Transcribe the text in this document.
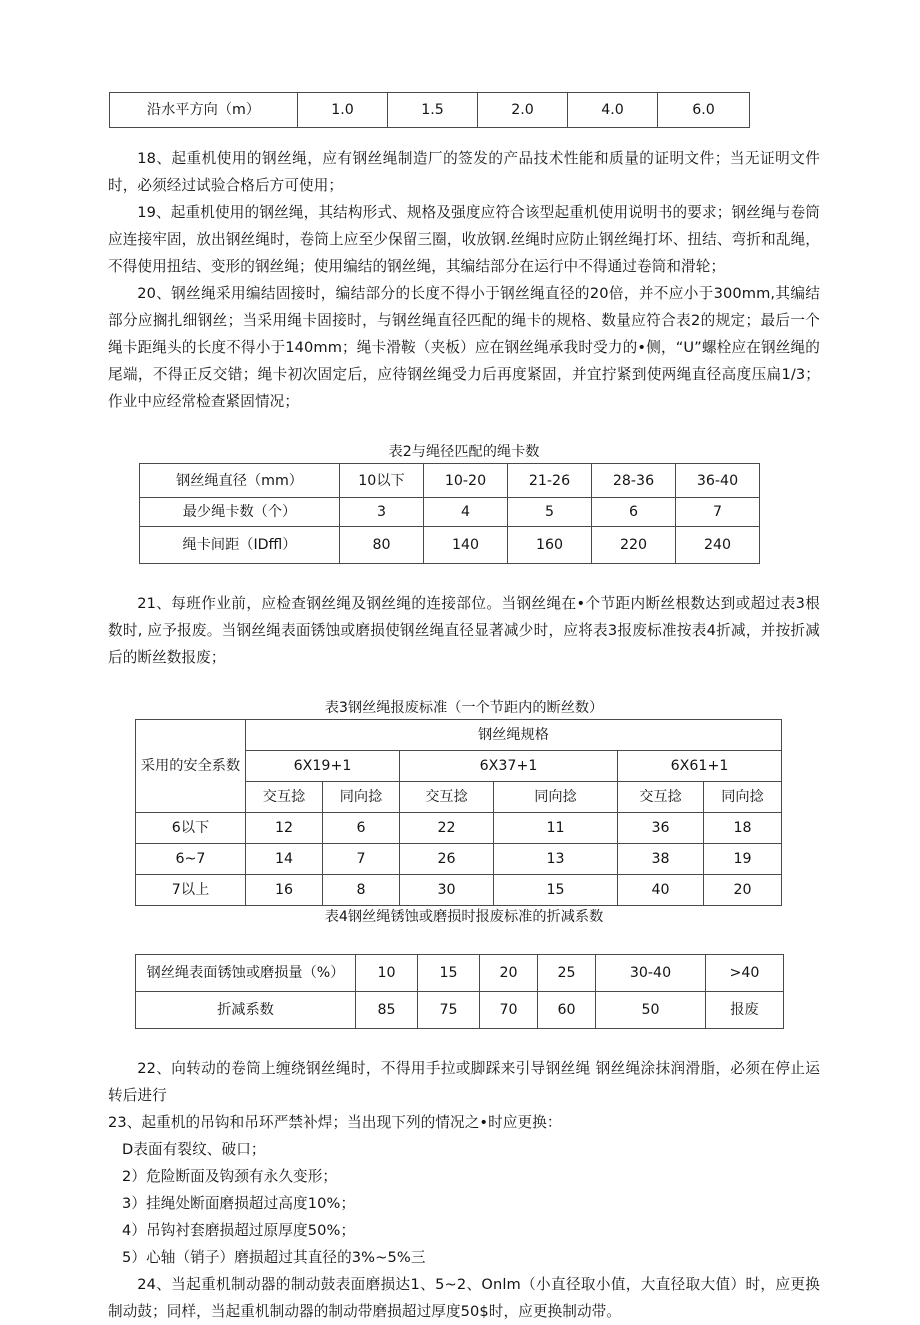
沿水平方向（m）	1.0	1.5	2.0	4.0	6.0

18、起重机使用的钢丝绳，应有钢丝绳制造厂的签发的产品技术性能和质量的证明文件；当无证明文件时，必须经过试验合格后方可使用；

19、起重机使用的钢丝绳，其结构形式、规格及强度应符合该型起重机使用说明书的要求；钢丝绳与卷筒应连接牢固，放出钢丝绳时，卷筒上应至少保留三圈，收放钢.丝绳时应防止钢丝绳打坏、扭结、弯折和乱绳，不得使用扭结、变形的钢丝绳；使用编结的钢丝绳，其编结部分在运行中不得通过卷筒和滑轮；

20、钢丝绳采用编结固接时，编结部分的长度不得小于钢丝绳直径的20倍，并不应小于300mm,其编结部分应搁扎细钢丝；当采用绳卡固接时，与钢丝绳直径匹配的绳卡的规格、数量应符合表2的规定；最后一个绳卡距绳头的长度不得小于140mm；绳卡滑鞍（夹板）应在钢丝绳承我时受力的•侧，“U”螺栓应在钢丝绳的尾端，不得正反交错；绳卡初次固定后，应待钢丝绳受力后再度紧固，并宜拧紧到使两绳直径高度压扁1/3；作业中应经常检查紧固情况；

表2与绳径匹配的绳卡数

钢丝绳直径（mm）	10以下	10-20	21-26	28-36	36-40
最少绳卡数（个）	3	4	5	6	7
绳卡间距（IDffl）	80	140	160	220	240

21、每班作业前，应检查钢丝绳及钢丝绳的连接部位。当钢丝绳在•个节距内断丝根数达到或超过表3根数时, 应予报废。当钢丝绳表面锈蚀或磨损使钢丝绳直径显著减少时，应将表3报废标准按表4折减，并按折减后的断丝数报废；

表3钢丝绳报废标准（一个节距内的断丝数）

采用的安全系数	钢丝绳规格					
	6X19+1		6X37+1		6X61+1	
	交互捻	同向捻	交互捻	同向捻	交互捻	同向捻
6以下	12	6	22	11	36	18
6~7	14	7	26	13	38	19
7以上	16	8	30	15	40	20

表4钢丝绳锈蚀或磨损时报废标准的折减系数

钢丝绳表面锈蚀或磨损量（%）	10	15	20	25	30-40	>40
折减系数	85	75	70	60	50	报废

22、向转动的卷筒上缠绕钢丝绳时，不得用手拉或脚踩来引导钢丝绳 钢丝绳涂抹润滑脂，必须在停止运转后进行

23、起重机的吊钩和吊环严禁补焊；当出现下列的情况之•时应更换：

D表面有裂纹、破口；

2）危险断面及钩颈有永久变形；

3）挂绳处断面磨损超过高度10%；

4）吊钩衬套磨损超过原厚度50%；

5）心轴（销子）磨损超过其直径的3%~5%三

24、当起重机制动器的制动鼓表面磨损达1、5~2、Onlm（小直径取小值，大直径取大值）时，应更换制动鼓；同样，当起重机制动器的制动带磨损超过厚度50$时，应更换制动带。
